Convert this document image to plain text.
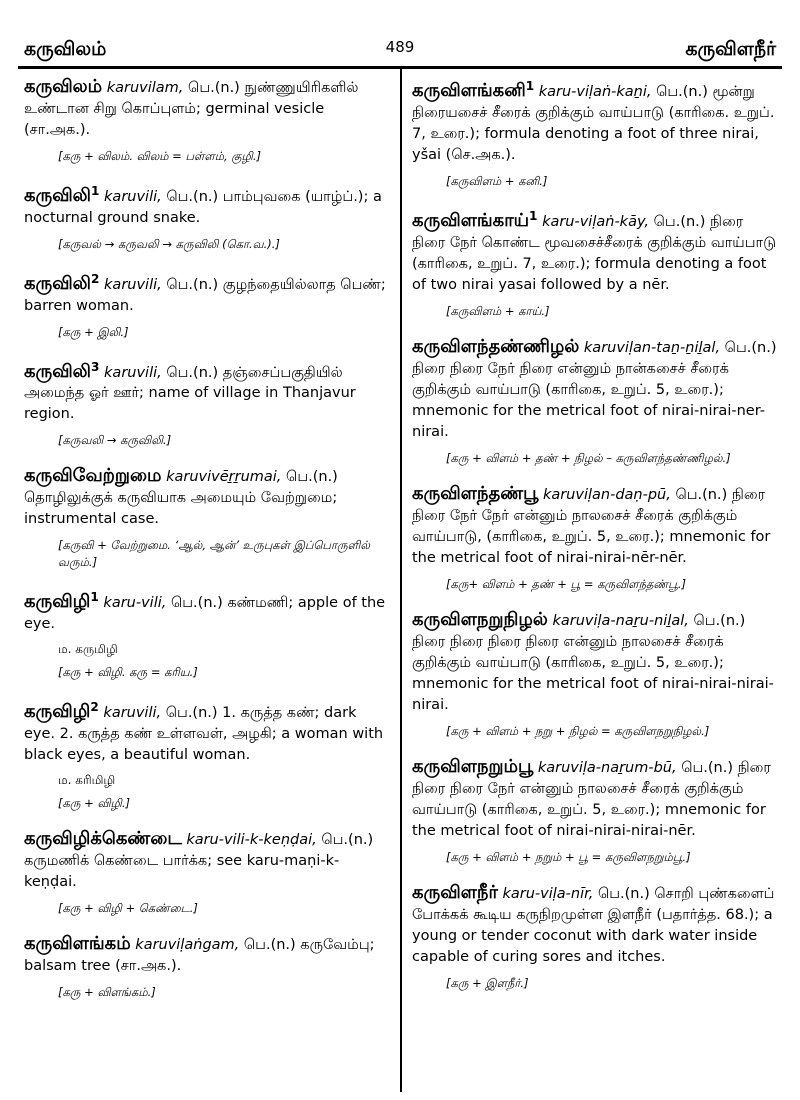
கருவிலம்	489	கருவிளநீர்
கருவிலம் karuvilam, பெ.(n.) நுண்ணுயிரிகளில் உண்டான சிறு கொப்புளம்; germinal vesicle (சா.அக.).
[கரு + விலம். விலம் = பள்ளம், குழி.]
கருவிலி$^1$ karuvili, பெ.(n.) பாம்புவகை (யாழ்ப்.); a nocturnal ground snake.
[கருவல் → கருவலி → கருவிலி (கொ.வ.).]
கருவிலி$^2$ karuvili, பெ.(n.) குழந்தையில்லாத பெண்; barren woman.
[கரு + இலி.]
கருவிலி$^3$ karuvili, பெ.(n.) தஞ்சைப்பகுதியில் அமைந்த ஓர் ஊர்; name of village in Thanjavur region.
[கருவலி → கருவிலி.]
கருவிவேற்றுமை karuvivēṟṟumai, பெ.(n.) தொழிலுக்குக் கருவியாக அமையும் வேற்றுமை; instrumental case.
[கருவி + வேற்றுமை. ‘ஆல், ஆன்’ உருபுகள் இப்பொருளில் வரும்.]
கருவிழி$^1$ karu-vili, பெ.(n.) கண்மணி; apple of the eye.
ம. கருமிழி
[கரு + விழி. கரு = கரிய.]
கருவிழி$^2$ karuvili, பெ.(n.) 1. கருத்த கண்; dark eye. 2. கருத்த கண் உள்ளவள், அழகி; a woman with black eyes, a beautiful woman.
ம. கரிமிழி
[கரு + விழி.]
கருவிழிக்கெண்டை karu-vili-k-keṇḍai, பெ.(n.) கருமணிக் கெண்டை பார்க்க; see karu-maṇi-k-keṇḍai.
[கரு + விழி + கெண்டை.]
கருவிளங்கம் karuviḷaṅgam, பெ.(n.) கருவேம்பு; balsam tree (சா.அக.).
[கரு + விளங்கம்.]
கருவிளங்கனி$^1$ karu-viḷaṅ-kaṉi, பெ.(n.) மூன்று நிரையசைச் சீரைக் குறிக்கும் வாய்பாடு (காரிகை. உறுப். 7, உரை.); formula denoting a foot of three nirai, yšai (செ.அக.).
[கருவிளம் + கனி.]
கருவிளங்காய்$^1$ karu-viḷaṅ-kāy, பெ.(n.) நிரை நிரை நேர் கொண்ட மூவசைச்சீரைக் குறிக்கும் வாய்பாடு (காரிகை, உறுப். 7, உரை.); formula denoting a foot of two nirai yasai followed by a nēr.
[கருவிளம் + காய்.]
கருவிளந்தண்ணிழல் karuviḷan-taṉ-ṉiḻal, பெ.(n.) நிரை நிரை நேர் நிரை என்னும் நான்கசைச் சீரைக் குறிக்கும் வாய்பாடு (காரிகை, உறுப். 5, உரை.); mnemonic for the metrical foot of nirai-nirai-ner-nirai.
[கரு + விளம் + தண் + நிழல் – கருவிளந்தண்ணிழல்.]
கருவிளந்தண்பூ karuviḷan-daṇ-pū, பெ.(n.) நிரை நிரை நேர் நேர் என்னும் நாலசைச் சீரைக் குறிக்கும் வாய்பாடு, (காரிகை, உறுப். 5, உரை.); mnemonic for the metrical foot of nirai-nirai-nēr-nēr.
[கரு+ விளம் + தண் + பூ = கருவிளந்தண்பூ.]
கருவிளநறுநிழல் karuviḷa-naṟu-niḻal, பெ.(n.) நிரை நிரை நிரை நிரை என்னும் நாலசைச் சீரைக் குறிக்கும் வாய்பாடு (காரிகை, உறுப். 5, உரை.); mnemonic for the metrical foot of nirai-nirai-nirai-nirai.
[கரு + விளம் + நறு + நிழல் = கருவிளநறுநிழல்.]
கருவிளநறும்பூ karuviḷa-naṟum-bū, பெ.(n.) நிரை நிரை நிரை நேர் என்னும் நாலசைச் சீரைக் குறிக்கும் வாய்பாடு (காரிகை, உறுப். 5, உரை.); mnemonic for the metrical foot of nirai-nirai-nirai-nēr.
[கரு + விளம் + நறும் + பூ = கருவிளநறும்பூ.]
கருவிளநீர் karu-viḷa-nīr, பெ.(n.) சொறி புண்களைப் போக்கக் கூடிய கருநிறமுள்ள இளநீர் (பதார்த்த. 68.); a young or tender coconut with dark water inside capable of curing sores and itches.
[கரு + இளநீர்.]
